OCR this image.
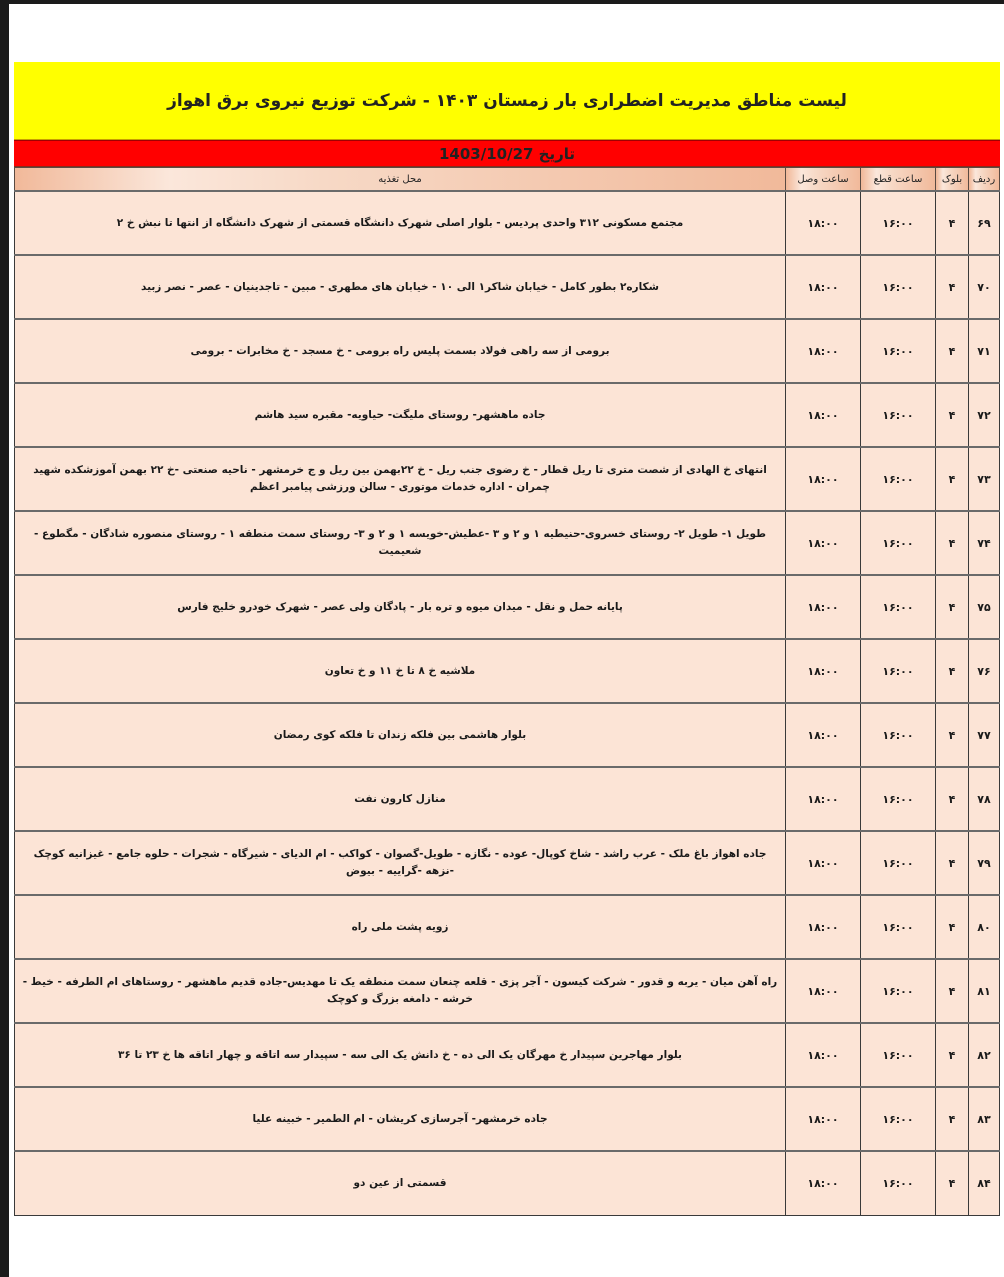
لیست مناطق مدیریت اضطراری بار زمستان ۱۴۰۳ - شرکت توزیع نیروی برق اهواز
تاریخ 1403/10/27
ردیف	بلوک	ساعت قطع	ساعت وصل	محل تغذیه
۶۹	۴	۱۶:۰۰	۱۸:۰۰	مجتمع مسکونی ۳۱۲ واحدی پردیس - بلوار اصلی شهرک دانشگاه قسمتی از شهرک دانشگاه از انتها تا نبش خ ۲
۷۰	۴	۱۶:۰۰	۱۸:۰۰	شکاره۲ بطور کامل - خیابان شاکر۱ الی ۱۰ - خیابان های مطهری - مبین - تاجدینیان - عصر - نصر زبید
۷۱	۴	۱۶:۰۰	۱۸:۰۰	برومی از سه راهی فولاد بسمت پلیس راه برومی - خ مسجد - خ مخابرات - برومی
۷۲	۴	۱۶:۰۰	۱۸:۰۰	جاده ماهشهر- روستای ملیگت- حیاویه- مقبره سید هاشم
۷۳	۴	۱۶:۰۰	۱۸:۰۰	انتهای خ الهادی از شصت متری تا ریل قطار - خ رضوی جنب ریل - خ ۲۲بهمن بین ریل و ج خرمشهر - ناحیه صنعتی -خ ۲۲ بهمن آموزشکده شهید چمران - اداره خدمات موتوری - سالن ورزشی پیامبر اعظم
۷۴	۴	۱۶:۰۰	۱۸:۰۰	طویل ۱- طویل ۲- روستای خسروی-حنیطیه ۱ و ۲ و ۳ -عطیش-خویسه ۱ و ۲ و ۳- روستای سمت منطقه ۱ - روستای منصوره شادگان - مگطوع - شعیمیت
۷۵	۴	۱۶:۰۰	۱۸:۰۰	پایانه حمل و نقل - میدان میوه و تره بار - پادگان ولی عصر - شهرک خودرو خلیج فارس
۷۶	۴	۱۶:۰۰	۱۸:۰۰	ملاشیه خ ۸ تا خ ۱۱ و خ تعاون
۷۷	۴	۱۶:۰۰	۱۸:۰۰	بلوار هاشمی بین فلکه زندان تا فلکه کوی رمضان
۷۸	۴	۱۶:۰۰	۱۸:۰۰	منازل کارون نفت
۷۹	۴	۱۶:۰۰	۱۸:۰۰	جاده اهواز باغ ملک - عرب راشد - شاخ کوپال- عوده - نگازه - طویل-گصوان - کواکب - ام الدیای - شیرگاه - شجرات - حلوه جامع - غیزانیه کوچک -نزهه -گراییه - بیوض
۸۰	۴	۱۶:۰۰	۱۸:۰۰	زویه پشت ملی راه
۸۱	۴	۱۶:۰۰	۱۸:۰۰	راه آهن میان - یربه و قدور - شرکت کیسون - آجر پزی - قلعه چنعان سمت منطقه یک تا مهدیس-جاده قدیم ماهشهر - روستاهای ام الطرفه - خیط - خرشه - دامغه بزرگ و کوچک
۸۲	۴	۱۶:۰۰	۱۸:۰۰	بلوار مهاجرین سپیدار خ مهرگان یک الی ده - خ دانش یک الی سه - سپیدار سه اتاقه و چهار اتاقه ها خ ۲۳ تا ۳۶
۸۳	۴	۱۶:۰۰	۱۸:۰۰	جاده خرمشهر- آجرسازی کریشان - ام الطمیر - خبینه علیا
۸۴	۴	۱۶:۰۰	۱۸:۰۰	قسمتی از عین دو
